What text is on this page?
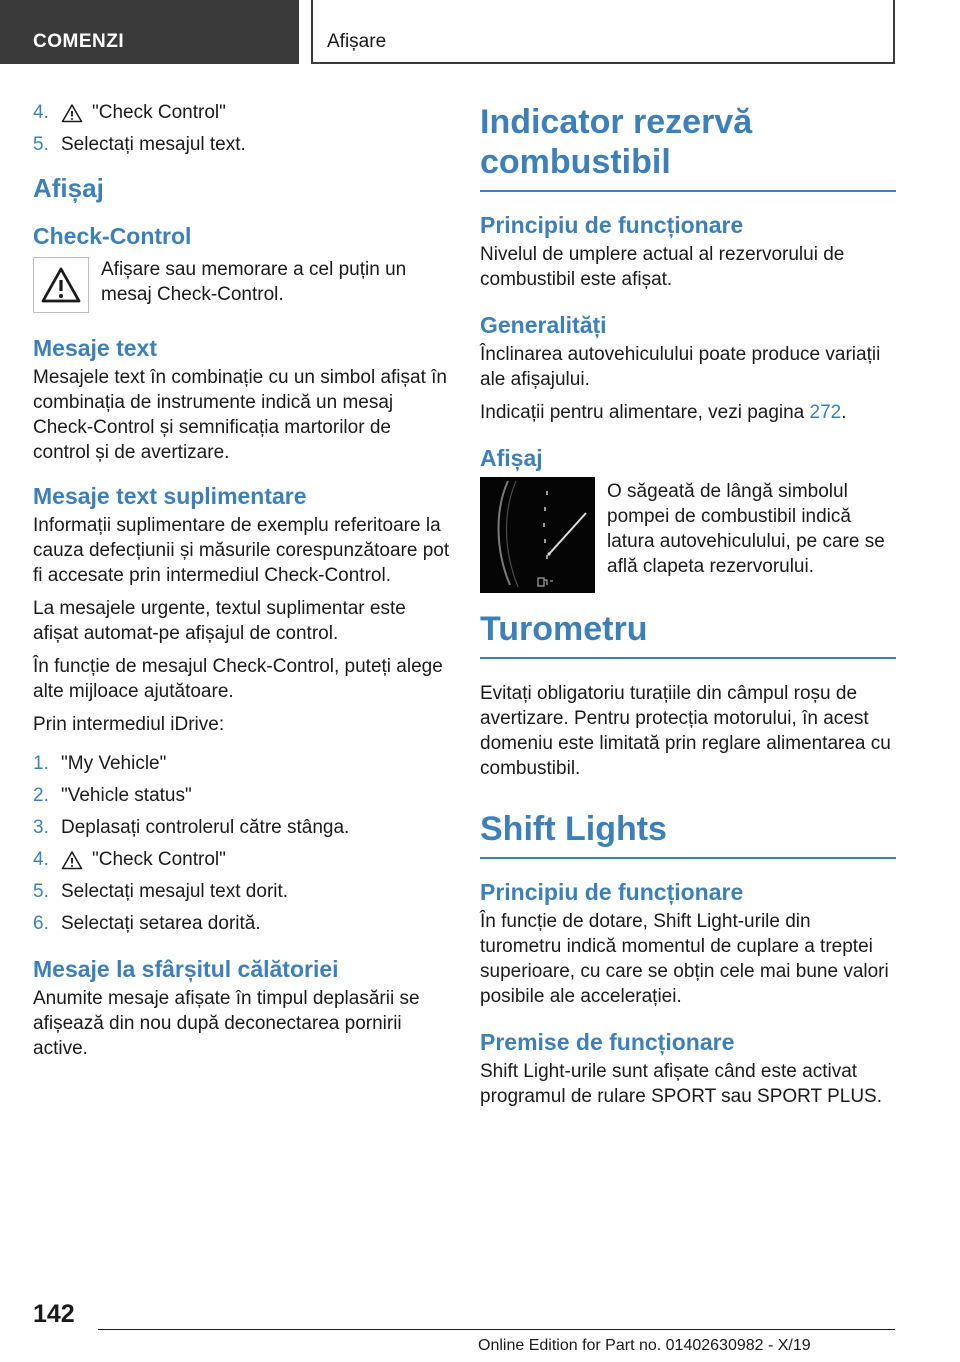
COMENZI	Afișare
4.	"Check Control"
5. Selectați mesajul text.
Afișaj
Check-Control
Afișare sau memorare a cel puțin un mesaj Check-Control.
Mesaje text

Mesajele text în combinație cu un simbol afișat în combinația de instrumente indică un mesaj Check-Control și semnificația martorilor de control și de avertizare.

Mesaje text suplimentare

Informații suplimentare de exemplu referitoare la cauza defecțiunii și măsurile corespunzătoare pot fi accesate prin intermediul Check-Control.

La mesajele urgente, textul suplimentar este afișat automat-pe afișajul de control.

În funcție de mesajul Check-Control, puteți alege alte mijloace ajutătoare.

Prin intermediul iDrive:

1. "My Vehicle"
2. "Vehicle status"
3. Deplasați controlerul către stânga.
4.	"Check Control"
5. Selectați mesajul text dorit.
6. Selectați setarea dorită.
Mesaje la sfârșitul călătoriei

Anumite mesaje afișate în timpul deplasării se afișează din nou după deconectarea pornirii active.

Indicator rezervă combustibil
Principiu de funcționare

Nivelul de umplere actual al rezervorului de combustibil este afișat.

Generalități

Înclinarea autovehiculului poate produce variații ale afișajului.

Indicații pentru alimentare, vezi pagina 272.

Afișaj
O săgeată de lângă simbolul pompei de combustibil indică latura autovehiculului, pe care se află clapeta rezervorului.
Turometru

Evitați obligatoriu turațiile din câmpul roșu de avertizare. Pentru protecția motorului, în acest domeniu este limitată prin reglare alimentarea cu combustibil.

Shift Lights
Principiu de funcționare

În funcție de dotare, Shift Light-urile din turometru indică momentul de cuplare a treptei superioare, cu care se obțin cele mai bune valori posibile ale accelerației.

Premise de funcționare

Shift Light-urile sunt afișate când este activat programul de rulare SPORT sau SPORT PLUS.

142
Online Edition for Part no. 01402630982 - X/19
